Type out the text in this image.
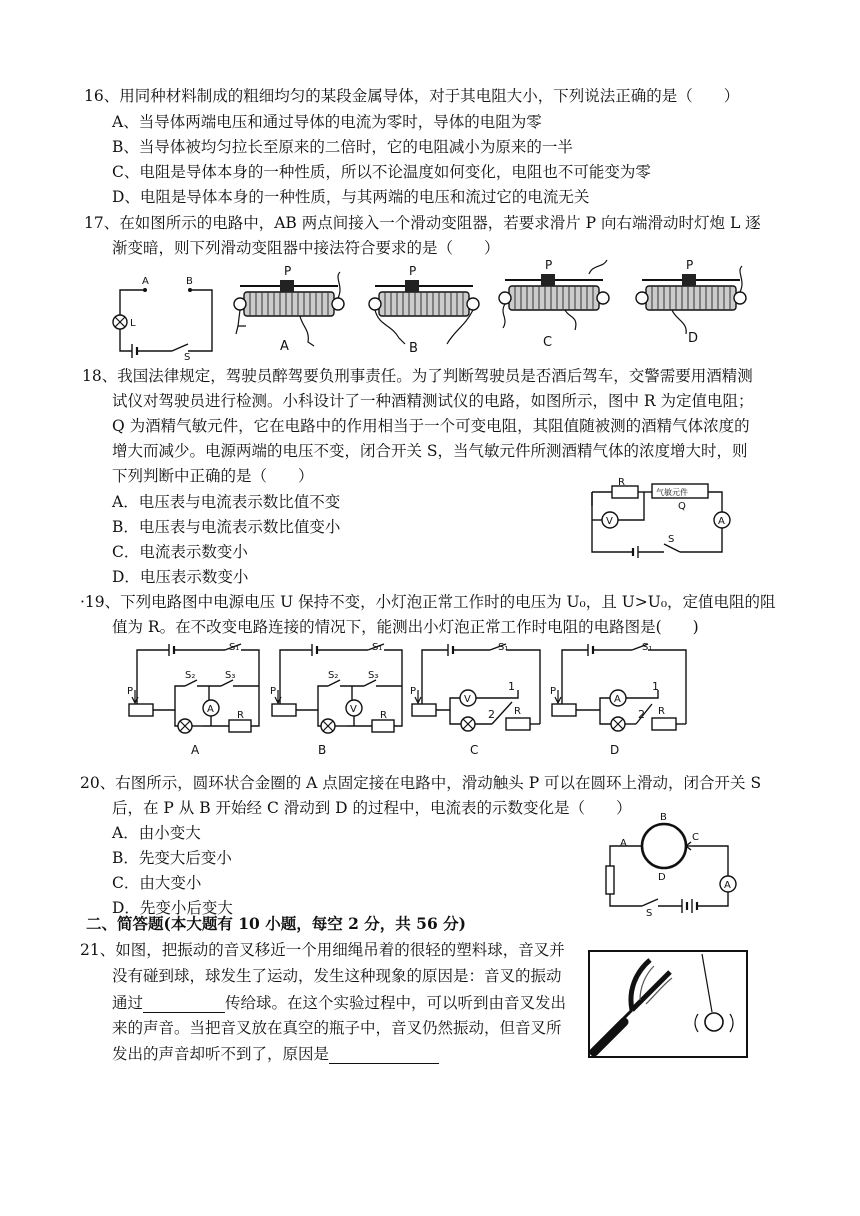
16、用同种材料制成的粗细均匀的某段金属导体，对于其电阻大小，下列说法正确的是（　　）
A、当导体两端电压和通过导体的电流为零时，导体的电阻为零
B、当导体被均匀拉长至原来的二倍时，它的电阻减小为原来的一半
C、电阻是导体本身的一种性质，所以不论温度如何变化，电阻也不可能变为零
D、电阻是导体本身的一种性质，与其两端的电压和流过它的电流无关
17、在如图所示的电路中，AB 两点间接入一个滑动变阻器，若要求滑片 P 向右端滑动时灯炮 L 逐
渐变暗，则下列滑动变阻器中接法符合要求的是（　　）
A	B
L
S
P
A
P
B
P
C
P
D
18、我国法律规定，驾驶员醉驾要负刑事责任。为了判断驾驶员是否酒后驾车，交警需要用酒精测
试仪对驾驶员进行检测。小科设计了一种酒精测试仪的电路，如图所示，图中 R 为定值电阻；
Q 为酒精气敏元件，它在电路中的作用相当于一个可变电阻，其阻值随被测的酒精气体浓度的
增大而减少。电源两端的电压不变，闭合开关 S，当气敏元件所测酒精气体的浓度增大时，则
下列判断中正确的是（　　）
A．电压表与电流表示数比值不变
B．电压表与电流表示数比值变小
C．电流表示数变小
D．电压表示数变小
R
气敏元件
Q
V	A
S
·19、下列电路图中电源电压 U 保持不变，小灯泡正常工作时的电压为 U₀，且 U>U₀，定值电阻的阻
值为 R。在不改变电路连接的情况下，能测出小灯泡正常工作时电阻的电路图是(　　)
S₁
S₂	S₃
P
A
R
A
S₁
S₂	S₃
P
V
R
B
S₁
P
V
1
2 R
C
S₁
P
A
1
2 R
D
20、右图所示，圆环状合金圈的 A 点固定接在电路中，滑动触头 P 可以在圆环上滑动，闭合开关 S
后，在 P 从 B 开始经 C 滑动到 D 的过程中，电流表的示数变化是（　　）
A．由小变大
B．先变大后变小
C．由大变小
D．先变小后变大
A
B
C
D
A
S
二、简答题(本大题有 10 小题，每空 2 分，共 56 分)
21、如图，把振动的音叉移近一个用细绳吊着的很轻的塑料球，音叉并
没有碰到球，球发生了运动，发生这种现象的原因是：音叉的振动
通过	传给球。在这个实验过程中，可以听到由音叉发出
来的声音。当把音叉放在真空的瓶子中，音叉仍然振动，但音叉所
发出的声音却听不到了，原因是
